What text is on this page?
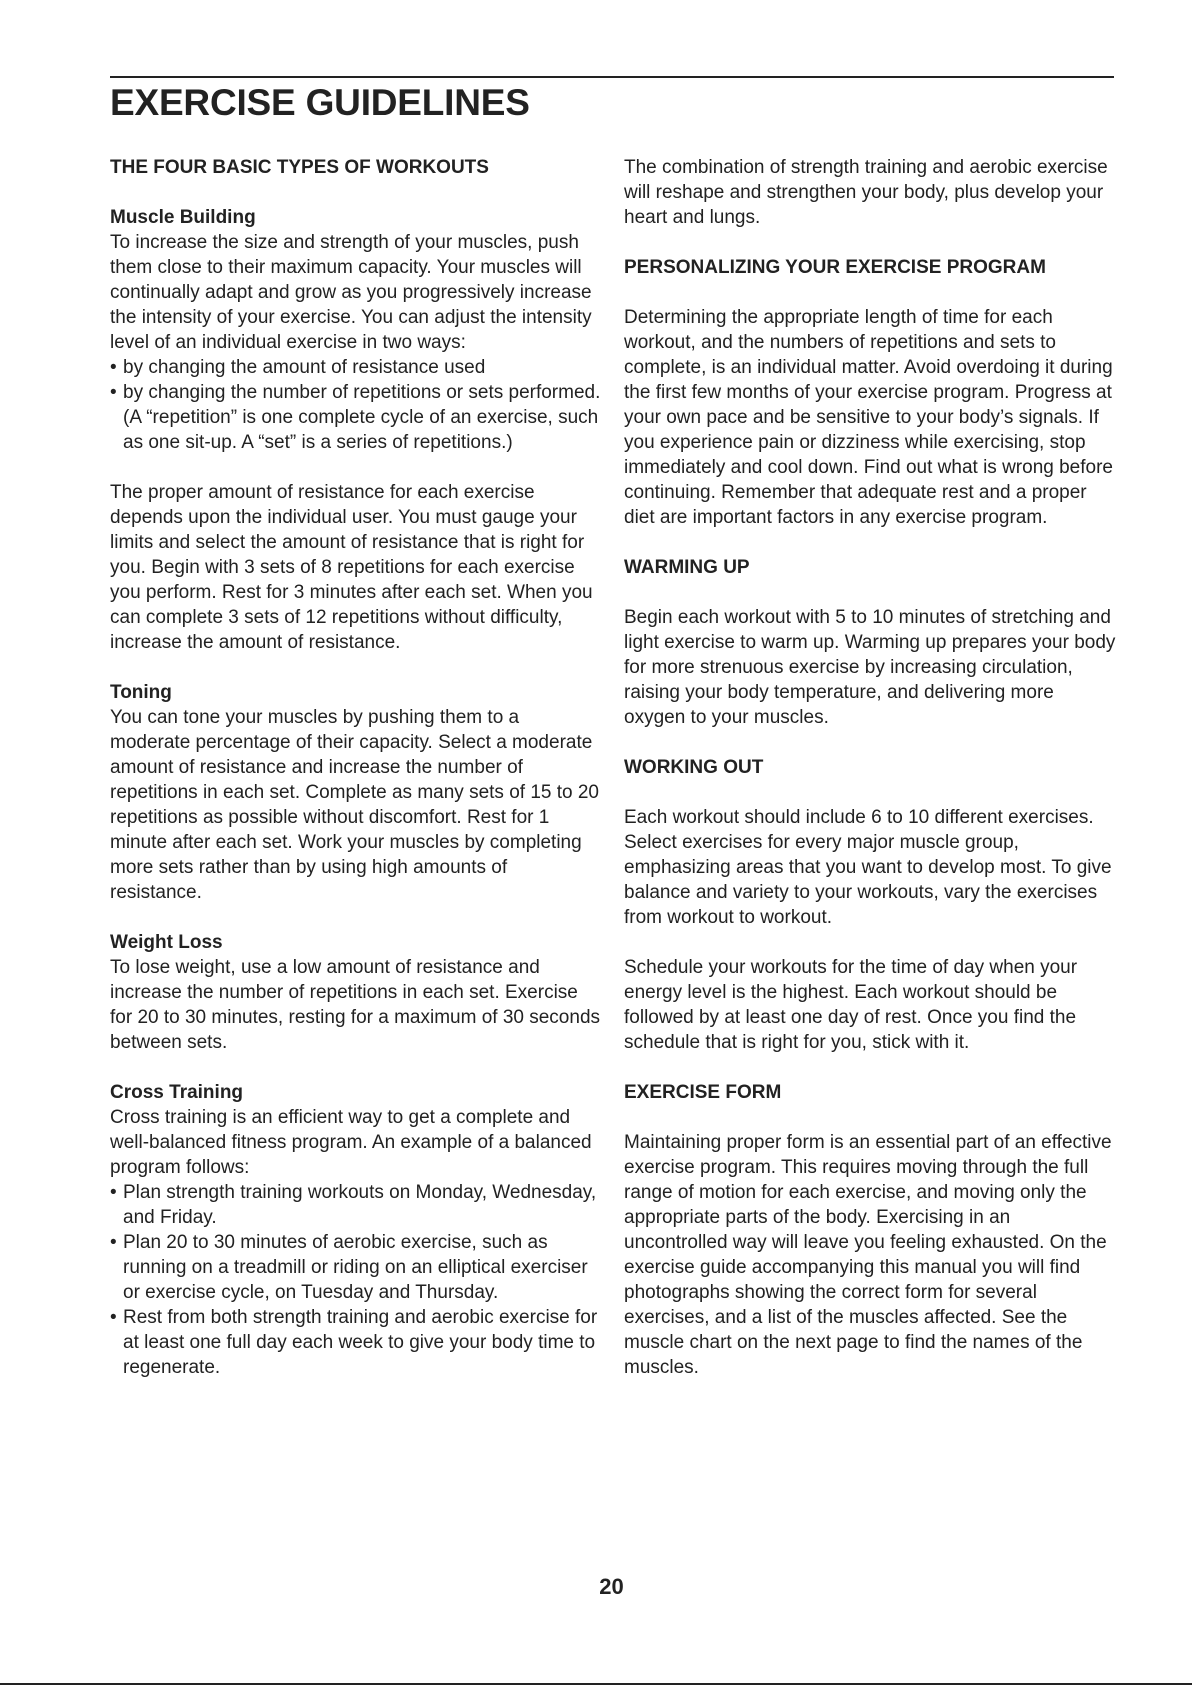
EXERCISE GUIDELINES
THE FOUR BASIC TYPES OF WORKOUTS
Muscle Building

To increase the size and strength of your muscles, push them close to their maximum capacity. Your muscles will continually adapt and grow as you progressively increase the intensity of your exercise. You can adjust the intensity level of an individual exercise in two ways:

• by changing the amount of resistance used
• by changing the number of repetitions or sets performed. (A “repetition” is one complete cycle of an exercise, such as one sit-up. A “set” is a series of repetitions.)

The proper amount of resistance for each exercise depends upon the individual user. You must gauge your limits and select the amount of resistance that is right for you. Begin with 3 sets of 8 repetitions for each exercise you perform. Rest for 3 minutes after each set. When you can complete 3 sets of 12 repetitions without difficulty, increase the amount of resistance.

Toning

You can tone your muscles by pushing them to a moderate percentage of their capacity. Select a moderate amount of resistance and increase the number of repetitions in each set. Complete as many sets of 15 to 20 repetitions as possible without discomfort. Rest for 1 minute after each set. Work your muscles by completing more sets rather than by using high amounts of resistance.

Weight Loss

To lose weight, use a low amount of resistance and increase the number of repetitions in each set. Exercise for 20 to 30 minutes, resting for a maximum of 30 seconds between sets.

Cross Training

Cross training is an efficient way to get a complete and well-balanced fitness program. An example of a balanced program follows:

• Plan strength training workouts on Monday, Wednesday, and Friday.
• Plan 20 to 30 minutes of aerobic exercise, such as running on a treadmill or riding on an elliptical exerciser or exercise cycle, on Tuesday and Thursday.
• Rest from both strength training and aerobic exercise for at least one full day each week to give your body time to regenerate.

The combination of strength training and aerobic exercise will reshape and strengthen your body, plus develop your heart and lungs.

PERSONALIZING YOUR EXERCISE PROGRAM

Determining the appropriate length of time for each workout, and the numbers of repetitions and sets to complete, is an individual matter. Avoid overdoing it during the first few months of your exercise program. Progress at your own pace and be sensitive to your body’s signals. If you experience pain or dizziness while exercising, stop immediately and cool down. Find out what is wrong before continuing. Remember that adequate rest and a proper diet are important factors in any exercise program.

WARMING UP

Begin each workout with 5 to 10 minutes of stretching and light exercise to warm up. Warming up prepares your body for more strenuous exercise by increasing circulation, raising your body temperature, and delivering more oxygen to your muscles.

WORKING OUT

Each workout should include 6 to 10 different exercises. Select exercises for every major muscle group, emphasizing areas that you want to develop most. To give balance and variety to your workouts, vary the exercises from workout to workout.

Schedule your workouts for the time of day when your energy level is the highest. Each workout should be followed by at least one day of rest. Once you find the schedule that is right for you, stick with it.

EXERCISE FORM

Maintaining proper form is an essential part of an effective exercise program. This requires moving through the full range of motion for each exercise, and moving only the appropriate parts of the body. Exercising in an uncontrolled way will leave you feeling exhausted. On the exercise guide accompanying this manual you will find photographs showing the correct form for several exercises, and a list of the muscles affected. See the muscle chart on the next page to find the names of the muscles.

20
